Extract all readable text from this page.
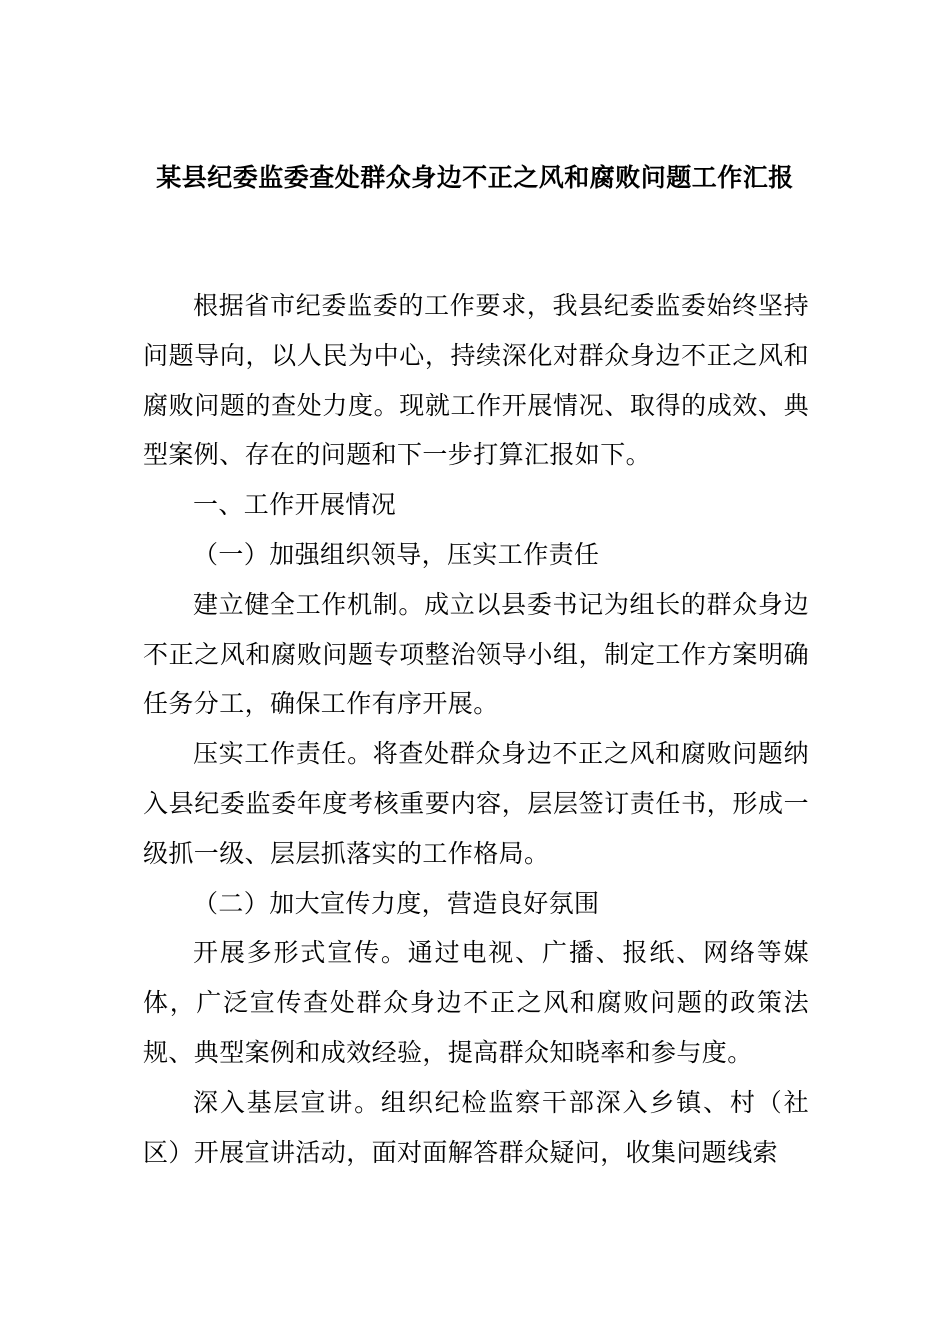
某县纪委监委查处群众身边不正之风和腐败问题工作汇报

根据省市纪委监委的工作要求，我县纪委监委始终坚持问题导向，以人民为中心，持续深化对群众身边不正之风和腐败问题的查处力度。现就工作开展情况、取得的成效、典型案例、存在的问题和下一步打算汇报如下。

一、工作开展情况

（一）加强组织领导，压实工作责任

建立健全工作机制。成立以县委书记为组长的群众身边不正之风和腐败问题专项整治领导小组，制定工作方案明确任务分工，确保工作有序开展。

压实工作责任。将查处群众身边不正之风和腐败问题纳入县纪委监委年度考核重要内容，层层签订责任书，形成一级抓一级、层层抓落实的工作格局。

（二）加大宣传力度，营造良好氛围

开展多形式宣传。通过电视、广播、报纸、网络等媒体，广泛宣传查处群众身边不正之风和腐败问题的政策法规、典型案例和成效经验，提高群众知晓率和参与度。

深入基层宣讲。组织纪检监察干部深入乡镇、村（社区）开展宣讲活动，面对面解答群众疑问，收集问题线索
